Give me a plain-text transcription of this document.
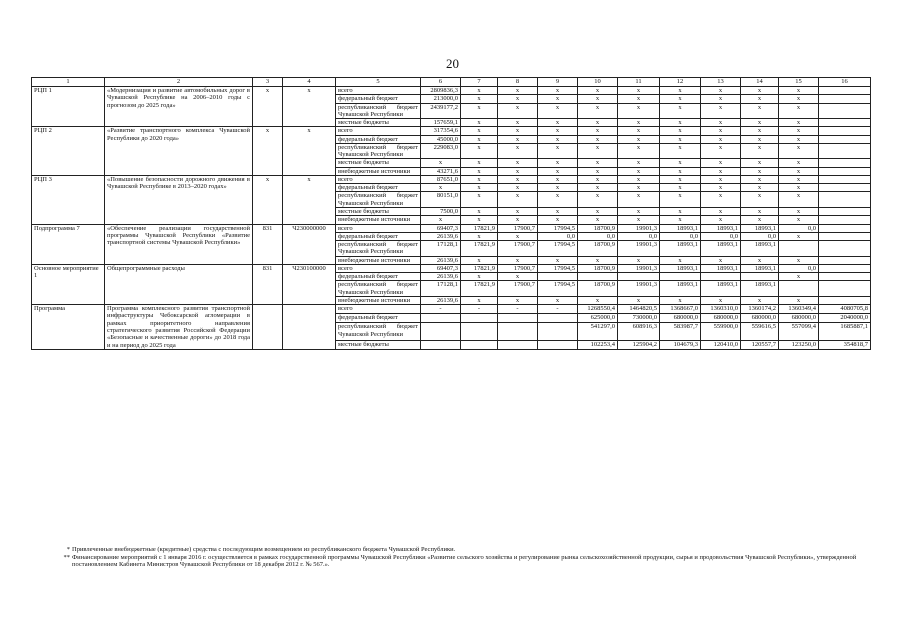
20
1	2	3	4	5	6	7	8	9	10	11	12	13	14	15	16
РЦП 1	«Модернизация и развитие автомобильных дорог в Чувашской Республике на 2006–2010 годы с прогнозом до 2025 года»	x	x	всего	2809836,3	x	x	x	x	x	x	x	x	x	
				федеральный бюджет	213000,0	x	x	x	x	x	x	x	x	x	
				республиканский бюджет Чувашской Республики	2439177,2	x	x	x	x	x	x	x	x	x	
				местные бюджеты	157659,1	x	x	x	x	x	x	x	x	x	
РЦП 2	«Развитие транспортного комплекса Чувашской Республики до 2020 года»	x	x	всего	317354,6	x	x	x	x	x	x	x	x	x	
				федеральный бюджет	45000,0	x	x	x	x	x	x	x	x	x	
				республиканский бюджет Чувашской Республики	229083,0	x	x	x	x	x	x	x	x	x	
				местные бюджеты	x	x	x	x	x	x	x	x	x	x	
				внебюджетные источники	43271,6	x	x	x	x	x	x	x	x	x	
РЦП 3	«Повышение безопасности дорожного движения в Чувашской Республике в 2013–2020 годах»	x	x	всего	87651,0	x	x	x	x	x	x	x	x	x	
				федеральный бюджет	x	x	x	x	x	x	x	x	x	x	
				республиканский бюджет Чувашской Республики	80151,0	x	x	x	x	x	x	x	x	x	
				местные бюджеты	7500,0	x	x	x	x	x	x	x	x	x	
				внебюджетные источники	x	x	x	x	x	x	x	x	x	x	
Подпрограмма 7	«Обеспечение реализации государственной программы Чувашской Республики «Развитие транспортной системы Чувашской Республики»	831	Ч230000000	всего	69407,3	17821,9	17900,7	17994,5	18700,9	19901,3	18993,1	18993,1	18993,1	0,0	
				федеральный бюджет	26139,6	x	x	0,0	0,0	0,0	0,0	0,0	0,0	x	
				республиканский бюджет Чувашской Республики	17128,1	17821,9	17900,7	17994,5	18700,9	19901,3	18993,1	18993,1	18993,1		
				внебюджетные источники	26139,6	x	x	x	x	x	x	x	x	x	
Основное мероприятие 1	Общепрограммные расходы	831	Ч230100000	всего	69407,3	17821,9	17900,7	17994,5	18700,9	19901,3	18993,1	18993,1	18993,1	0,0	
				федеральный бюджет	26139,6	x	x							x	
				республиканский бюджет Чувашской Республики	17128,1	17821,9	17900,7	17994,5	18700,9	19901,3	18993,1	18993,1	18993,1		
				внебюджетные источники	26139,6	x	x	x	x	x	x	x	x	x	
Программа	Программа комплексного развития транспортной инфраструктуры Чебоксарской агломерации в рамках приоритетного направления стратегического развития Российской Федерации «Безопасные и качественные дороги» до 2018 года и на период до 2025 года			всего	-	-	-	-	1268550,4	1464820,5	1368667,0	1360310,0	1360174,2	1360349,4	4080705,8
				федеральный бюджет					625000,0	730000,0	680000,0	680000,0	680000,0	680000,0	2040000,0
				республиканский бюджет Чувашской Республики					541297,0	608916,3	583987,7	559900,0	559616,5	557099,4	1685887,1
				местные бюджеты					102253,4	125904,2	104679,3	120410,0	120557,7	123250,0	354818,7
* Привлеченные внебюджетные (кредитные) средства с последующим возмещением из республиканского бюджета Чувашской Республики.
** Финансирование мероприятий с 1 января 2016 г. осуществляется в рамках государственной программы Чувашской Республики «Развитие сельского хозяйства и регулирование рынка сельскохозяйственной продукции, сырья и продовольствия Чувашской Республики», утвержденной постановлением Кабинета Министров Чувашской Республики от 18 декабря 2012 г. № 567.».
